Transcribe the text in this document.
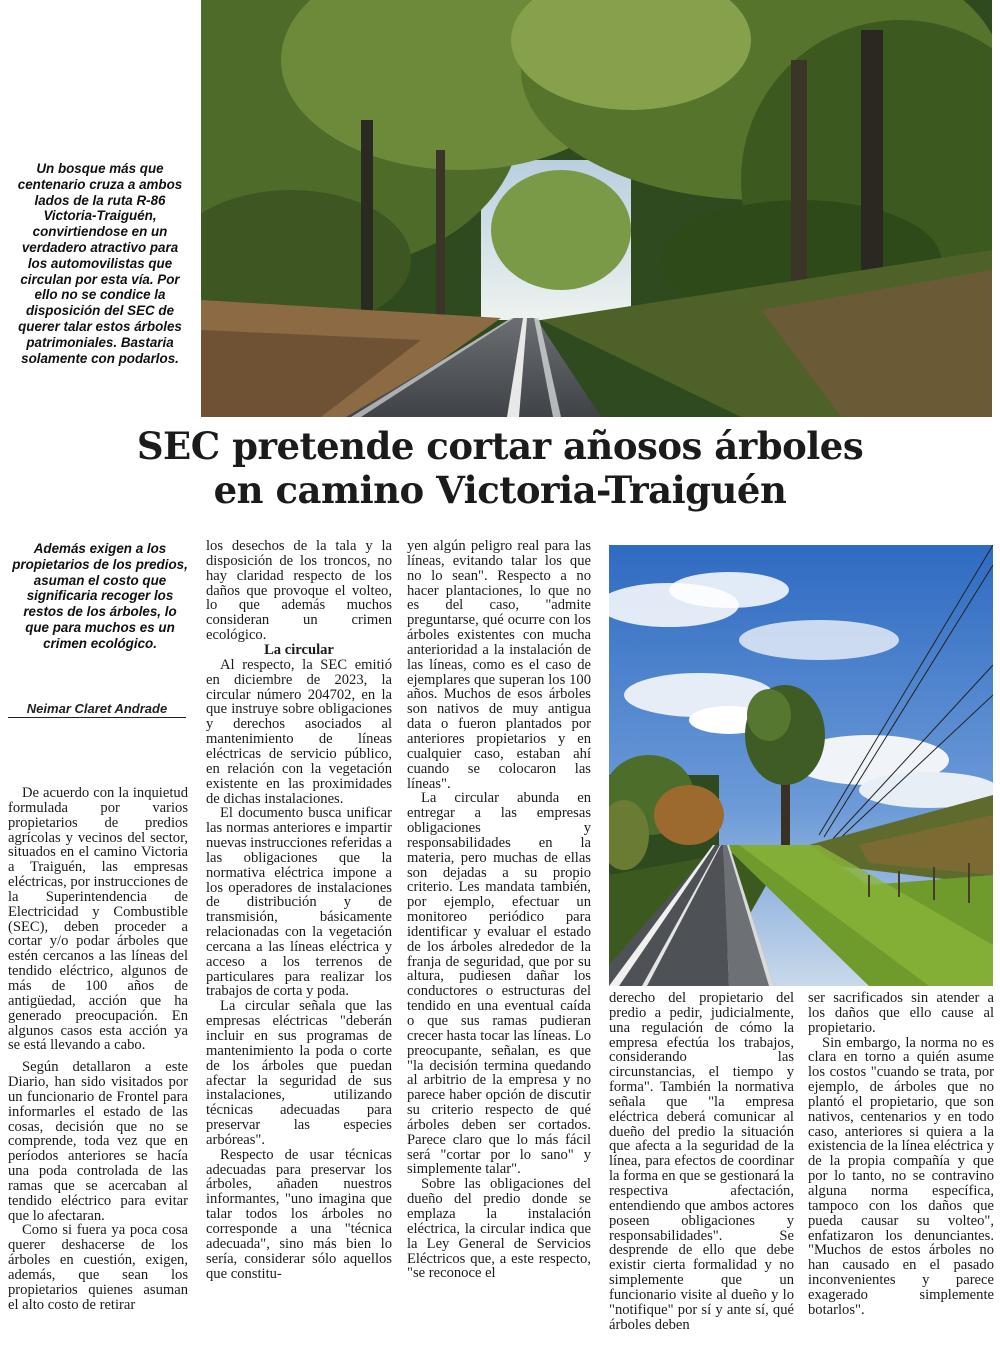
Un bosque más que centenario cruza a ambos lados de la ruta R-86 Victoria-Traiguén, convirtiendose en un verdadero atractivo para los automovilistas que circulan por esta vía. Por ello no se condice la disposición del SEC de querer talar estos árboles patrimoniales. Bastaria solamente con podarlos.
SEC pretende cortar añosos árboles
en camino Victoria-Traiguén
Además exigen a los propietarios de los predios, asuman el costo que significaria recoger los restos de los árboles, lo que para muchos es un crimen ecológico.
Neimar Claret Andrade

De acuerdo con la inquietud formulada por varios propietarios de predios agrícolas y vecinos del sector, situados en el camino Victoria a Traiguén, las empresas eléctricas, por instrucciones de la Superintendencia de Electricidad y Combustible (SEC), deben proceder a cortar y/o podar árboles que estén cercanos a las líneas del tendido eléctrico, algunos de más de 100 años de antigüedad, acción que ha generado preocupación. En algunos casos esta acción ya se está llevando a cabo.

Según detallaron a este Diario, han sido visitados por un funcionario de Frontel para informarles el estado de las cosas, decisión que no se comprende, toda vez que en períodos anteriores se hacía una poda controlada de las ramas que se acercaban al tendido eléctrico para evitar que lo afectaran.

Como si fuera ya poca cosa querer deshacerse de los árboles en cuestión, exigen, además, que sean los propietarios quienes asuman el alto costo de retirar

los desechos de la tala y la disposición de los troncos, no hay claridad respecto de los daños que provoque el volteo, lo que además muchos consideran un crimen ecológico.

La circular

Al respecto, la SEC emitió en diciembre de 2023, la circular número 204702, en la que instruye sobre obligaciones y derechos asociados al mantenimiento de líneas eléctricas de servicio público, en relación con la vegetación existente en las proximidades de dichas instalaciones.

El documento busca unificar las normas anteriores e impartir nuevas instrucciones referidas a las obligaciones que la normativa eléctrica impone a los operadores de instalaciones de distribución y de transmisión, básicamente relacionadas con la vegetación cercana a las líneas eléctrica y acceso a los terrenos de particulares para realizar los trabajos de corta y poda.

La circular señala que las empresas eléctricas "deberán incluir en sus programas de mantenimiento la poda o corte de los árboles que puedan afectar la seguridad de sus instalaciones, utilizando técnicas adecuadas para preservar las especies arbóreas".

Respecto de usar técnicas adecuadas para preservar los árboles, añaden nuestros informantes, "uno imagina que talar todos los árboles no corresponde a una "técnica adecuada", sino más bien lo sería, considerar sólo aquellos que constitu-

yen algún peligro real para las líneas, evitando talar los que no lo sean". Respecto a no hacer plantaciones, lo que no es del caso, "admite preguntarse, qué ocurre con los árboles existentes con mucha anterioridad a la instalación de las líneas, como es el caso de ejemplares que superan los 100 años. Muchos de esos árboles son nativos de muy antigua data o fueron plantados por anteriores propietarios y en cualquier caso, estaban ahí cuando se colocaron las líneas".

La circular abunda en entregar a las empresas obligaciones y responsabilidades en la materia, pero muchas de ellas son dejadas a su propio criterio. Les mandata también, por ejemplo, efectuar un monitoreo periódico para identificar y evaluar el estado de los árboles alrededor de la franja de seguridad, que por su altura, pudiesen dañar los conductores o estructuras del tendido en una eventual caída o que sus ramas pudieran crecer hasta tocar las líneas. Lo preocupante, señalan, es que "la decisión termina quedando al arbitrio de la empresa y no parece haber opción de discutir su criterio respecto de qué árboles deben ser cortados. Parece claro que lo más fácil será "cortar por lo sano" y simplemente talar".

Sobre las obligaciones del dueño del predio donde se emplaza la instalación eléctrica, la circular indica que la Ley General de Servicios Eléctricos que, a este respecto, "se reconoce el

derecho del propietario del predio a pedir, judicialmente, una regulación de cómo la empresa efectúa los trabajos, considerando las circunstancias, el tiempo y forma". También la normativa señala que "la empresa eléctrica deberá comunicar al dueño del predio la situación que afecta a la seguridad de la línea, para efectos de coordinar la forma en que se gestionará la respectiva afectación, entendiendo que ambos actores poseen obligaciones y responsabilidades". Se desprende de ello que debe existir cierta formalidad y no simplemente que un funcionario visite al dueño y lo "notifique" por sí y ante sí, qué árboles deben

ser sacrificados sin atender a los daños que ello cause al propietario.

Sin embargo, la norma no es clara en torno a quién asume los costos "cuando se trata, por ejemplo, de árboles que no plantó el propietario, que son nativos, centenarios y en todo caso, anteriores si quiera a la existencia de la línea eléctrica y de la propia compañía y que por lo tanto, no se contravino alguna norma específica, tampoco con los daños que pueda causar su volteo", enfatizaron los denunciantes. "Muchos de estos árboles no han causado en el pasado inconvenientes y parece exagerado simplemente botarlos".
